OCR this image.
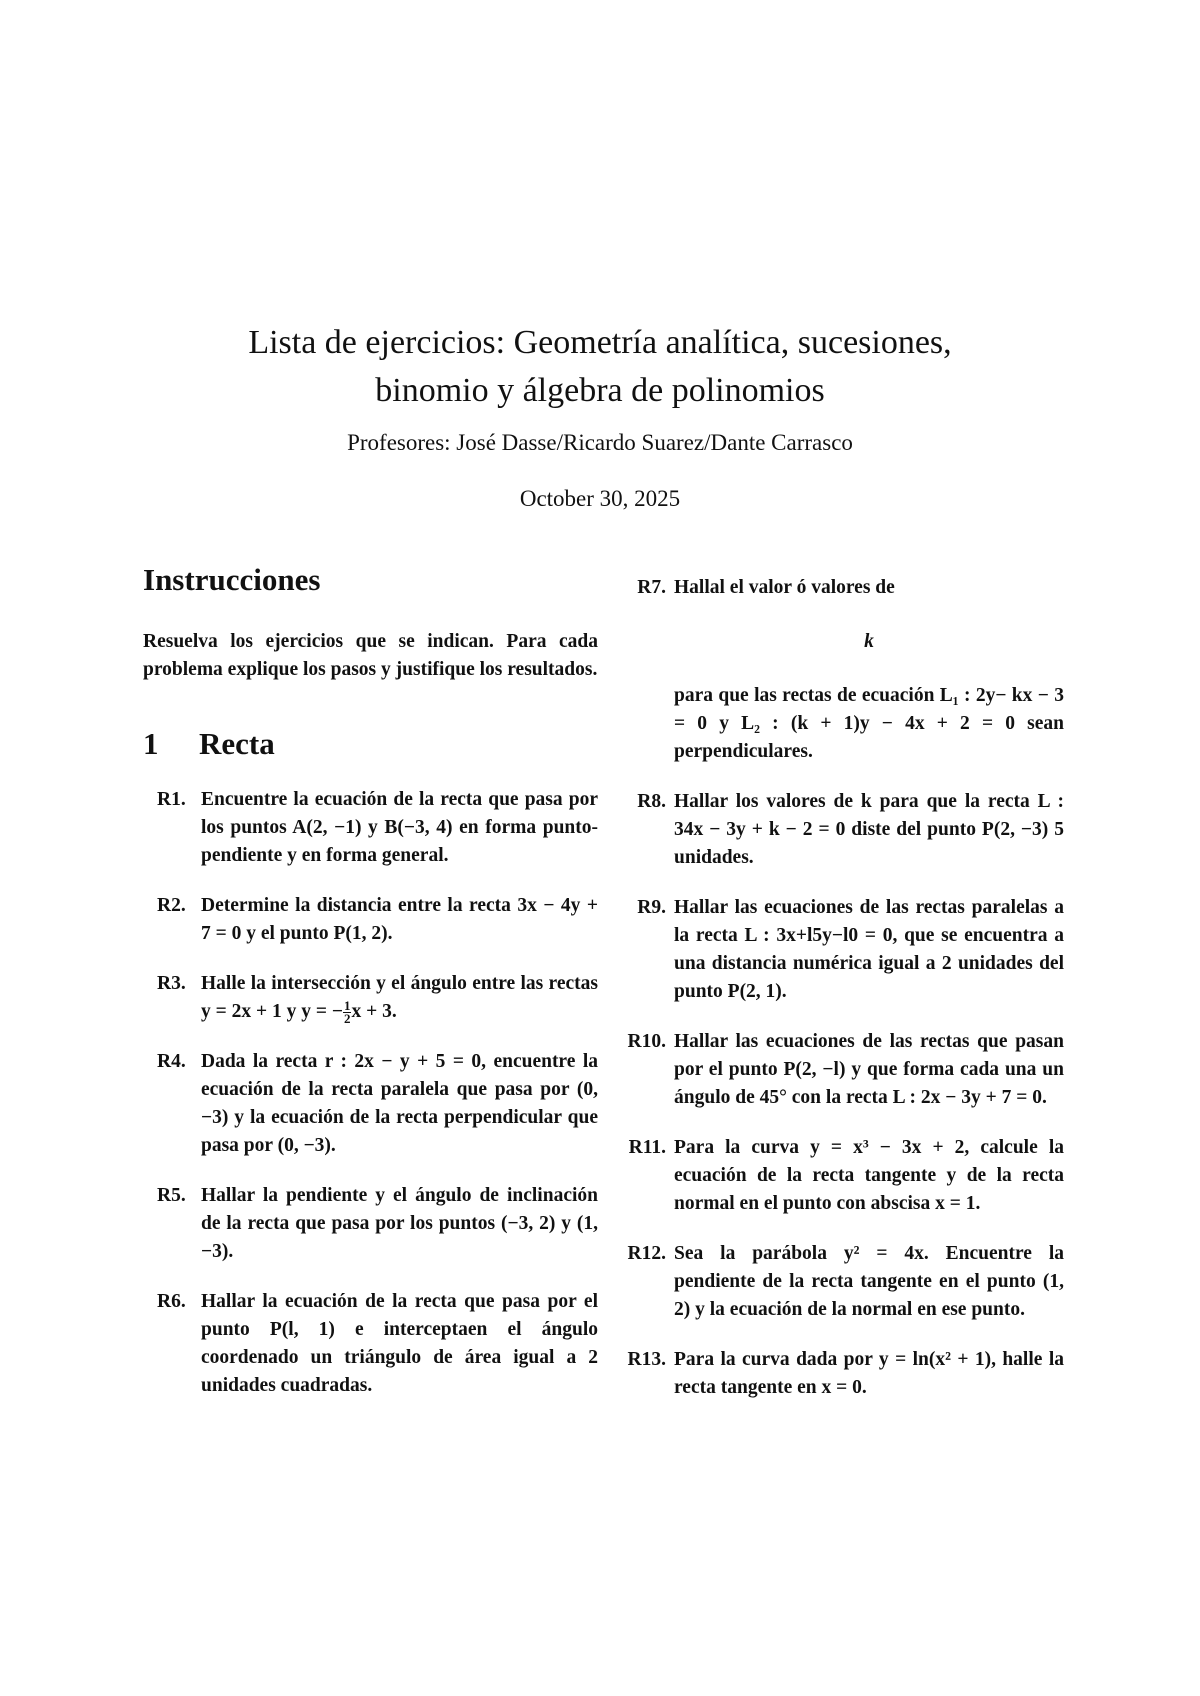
Lista de ejercicios: Geometría analítica, sucesiones,
binomio y álgebra de polinomios
Profesores: José Dasse/Ricardo Suarez/Dante Carrasco
October 30, 2025
Instrucciones

Resuelva los ejercicios que se indican. Para cada problema explique los pasos y justifique los resultados.

1	Recta
R1. Encuentre la ecuación de la recta que pasa por los puntos A(2, −1) y B(−3, 4) en forma punto-pendiente y en forma general.
R2. Determine la distancia entre la recta 3x − 4y + 7 = 0 y el punto P(1, 2).
R3. Halle la intersección y el ángulo entre las rectas y = 2x + 1 y y = − $\frac{1}{2}$ x + 3.
R4. Dada la recta r : 2x − y + 5 = 0, encuentre la ecuación de la recta paralela que pasa por (0, −3) y la ecuación de la recta perpendicular que pasa por (0, −3).
R5. Hallar la pendiente y el ángulo de inclinación de la recta que pasa por los puntos (−3, 2) y (1, −3).
R6. Hallar la ecuación de la recta que pasa por el punto P(l, 1) e interceptaen el ángulo coordenado un triángulo de área igual a 2 unidades cuadradas.
R7. Hallal el valor ó valores de
k
para que las rectas de ecuación L₁ : 2y− kx − 3 = 0 y L₂ : (k + 1)y − 4x + 2 = 0 sean perpendiculares.
R8. Hallar los valores de k para que la recta L : 34x − 3y + k − 2 = 0 diste del punto P(2, −3) 5 unidades.
R9. Hallar las ecuaciones de las rectas paralelas a la recta L : 3x+l5y−l0 = 0, que se encuentra a una distancia numérica igual a 2 unidades del punto P(2, 1).
R10. Hallar las ecuaciones de las rectas que pasan por el punto P(2, −l) y que forma cada una un ángulo de 45° con la recta L : 2x − 3y + 7 = 0.
R11. Para la curva y = x³ − 3x + 2, calcule la ecuación de la recta tangente y de la recta normal en el punto con abscisa x = 1.
R12. Sea la parábola y² = 4x. Encuentre la pendiente de la recta tangente en el punto (1, 2) y la ecuación de la normal en ese punto.
R13. Para la curva dada por y = ln(x² + 1), halle la recta tangente en x = 0.
